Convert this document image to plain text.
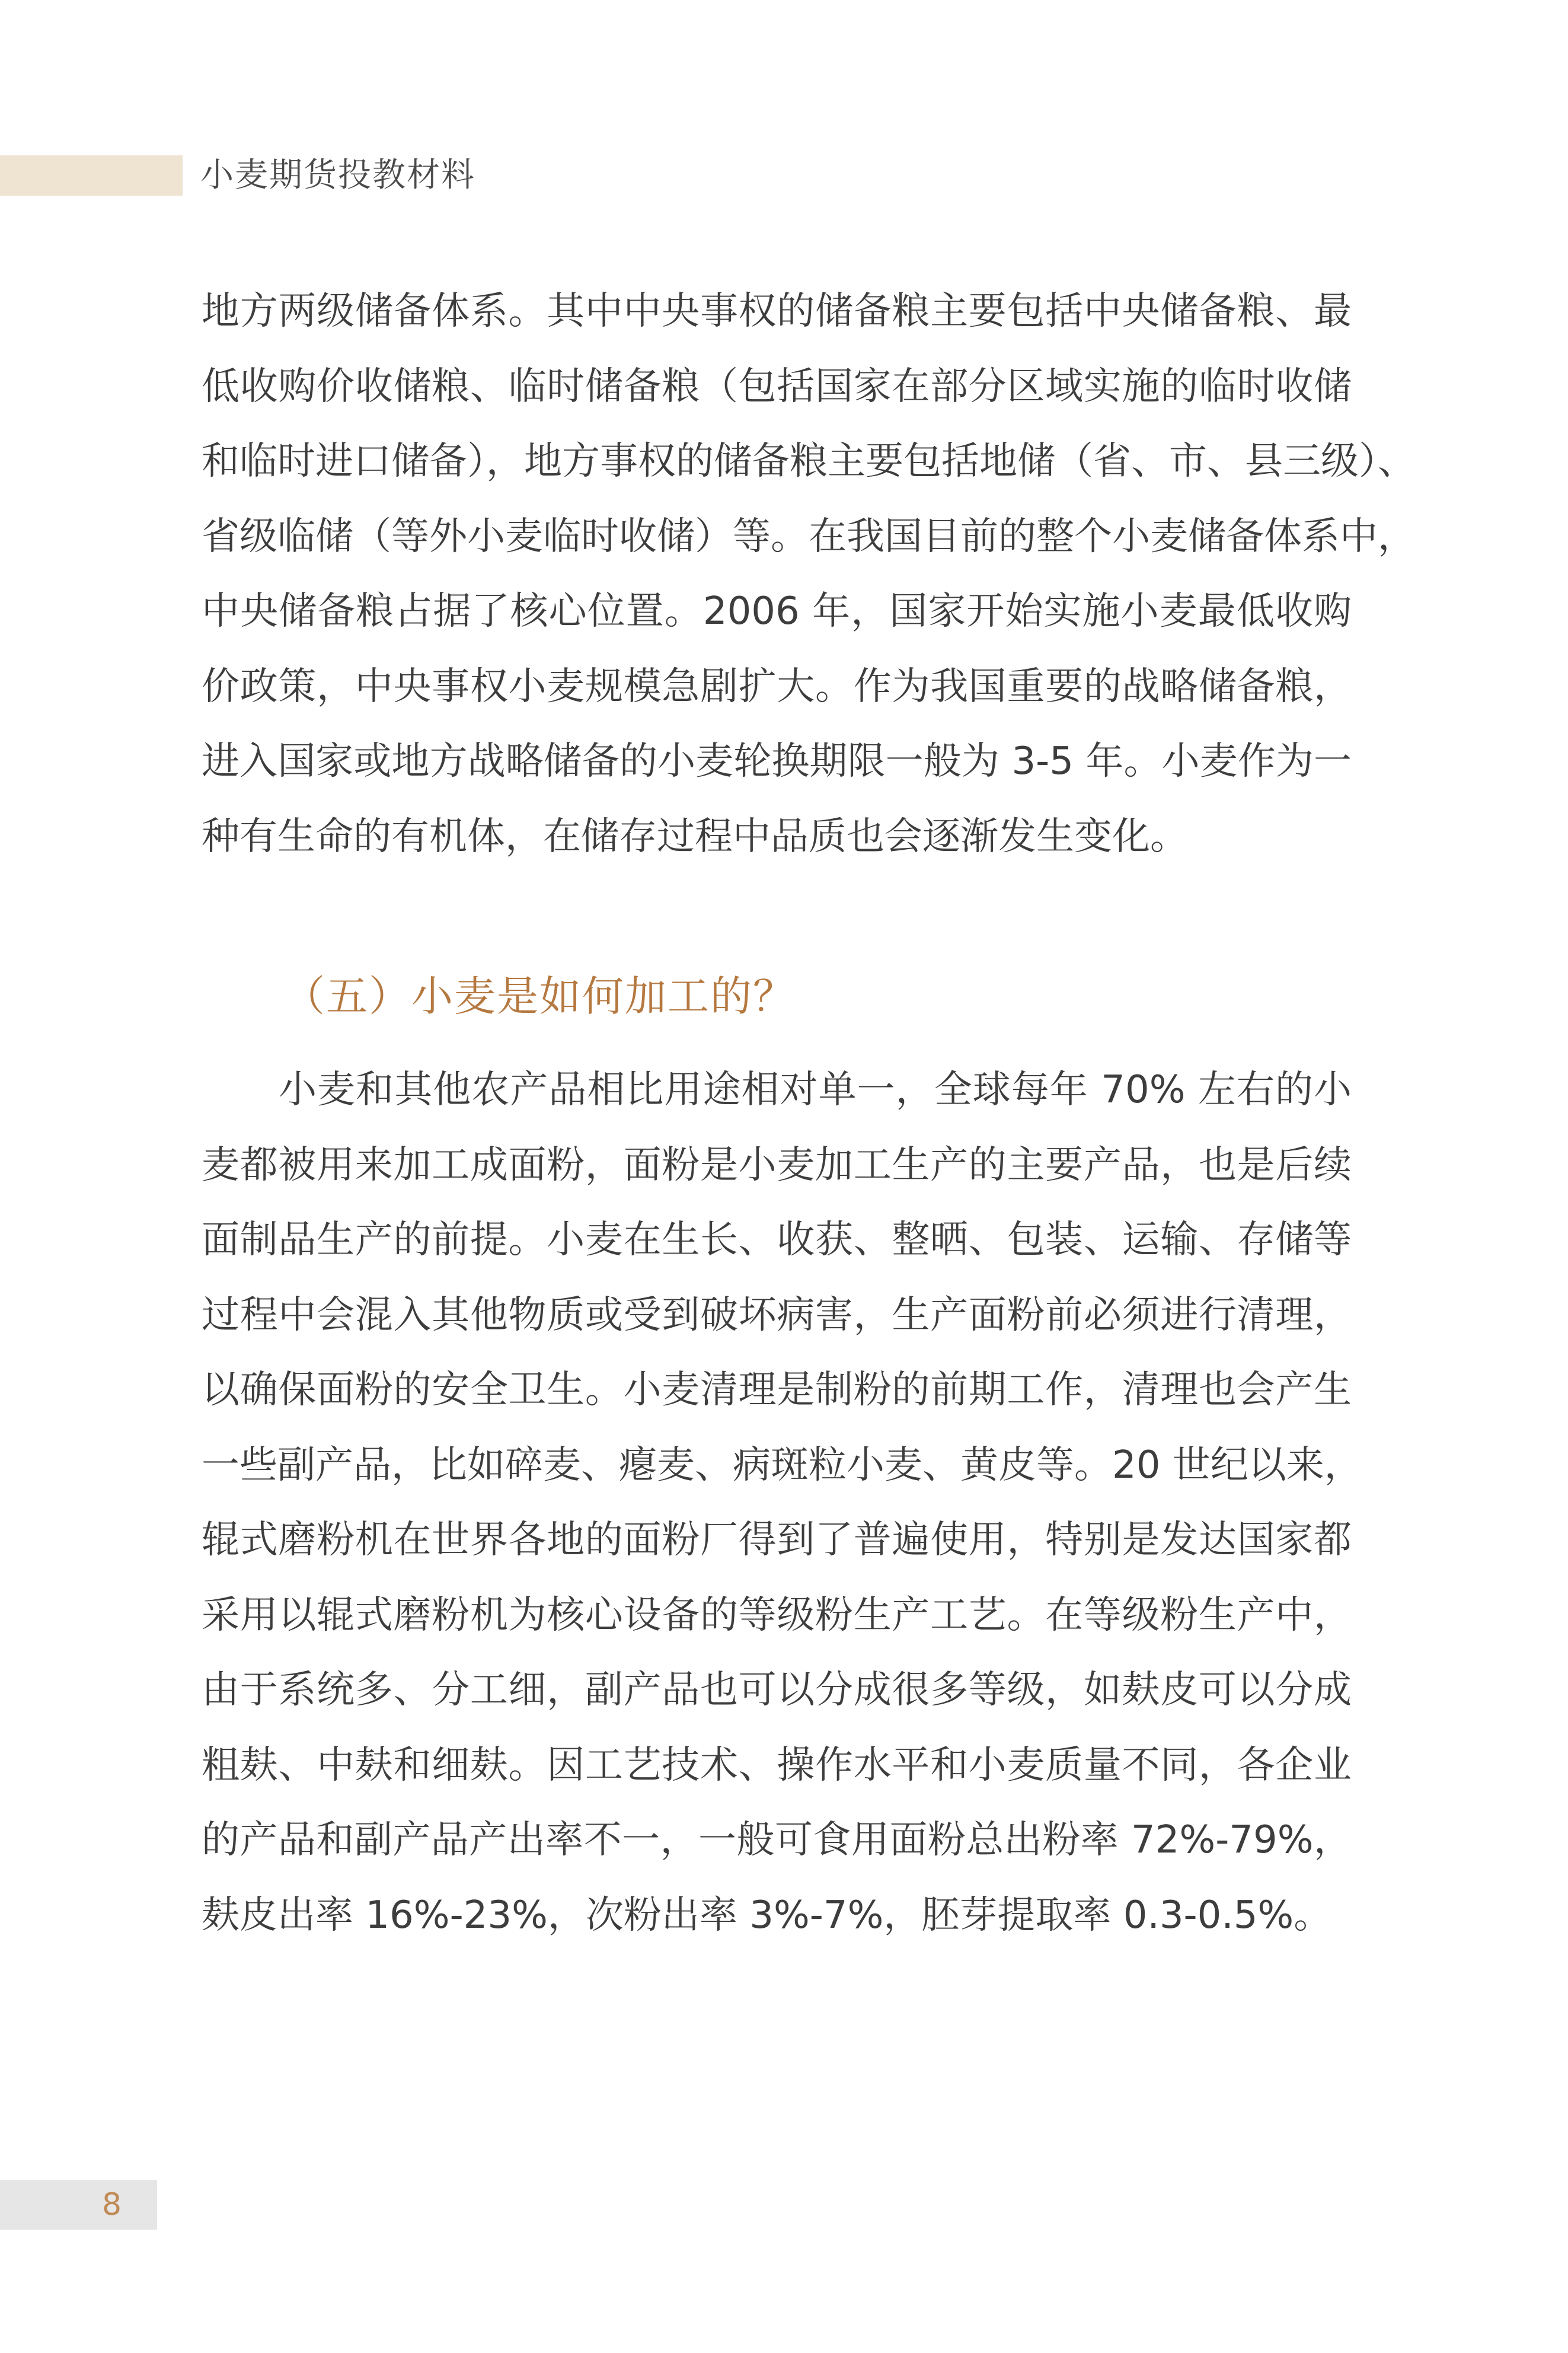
小麦期货投教材料
地方两级储备体系。其中中央事权的储备粮主要包括中央储备粮、最
低收购价收储粮、临时储备粮（包括国家在部分区域实施的临时收储
和临时进口储备），地方事权的储备粮主要包括地储（省、市、县三级）、
省级临储（等外小麦临时收储）等。在我国目前的整个小麦储备体系中，
中央储备粮占据了核心位置。2006 年，国家开始实施小麦最低收购
价政策，中央事权小麦规模急剧扩大。作为我国重要的战略储备粮，
进入国家或地方战略储备的小麦轮换期限一般为 3-5 年。小麦作为一
种有生命的有机体，在储存过程中品质也会逐渐发生变化。
（五）小麦是如何加工的？
　　小麦和其他农产品相比用途相对单一，全球每年 70% 左右的小
麦都被用来加工成面粉，面粉是小麦加工生产的主要产品，也是后续
面制品生产的前提。小麦在生长、收获、整晒、包装、运输、存储等
过程中会混入其他物质或受到破坏病害，生产面粉前必须进行清理，
以确保面粉的安全卫生。小麦清理是制粉的前期工作，清理也会产生
一些副产品，比如碎麦、瘪麦、病斑粒小麦、黄皮等。20 世纪以来，
辊式磨粉机在世界各地的面粉厂得到了普遍使用，特别是发达国家都
采用以辊式磨粉机为核心设备的等级粉生产工艺。在等级粉生产中，
由于系统多、分工细，副产品也可以分成很多等级，如麸皮可以分成
粗麸、中麸和细麸。因工艺技术、操作水平和小麦质量不同，各企业
的产品和副产品产出率不一，一般可食用面粉总出粉率 72%-79%，
麸皮出率 16%-23%，次粉出率 3%-7%，胚芽提取率 0.3-0.5%。
8
